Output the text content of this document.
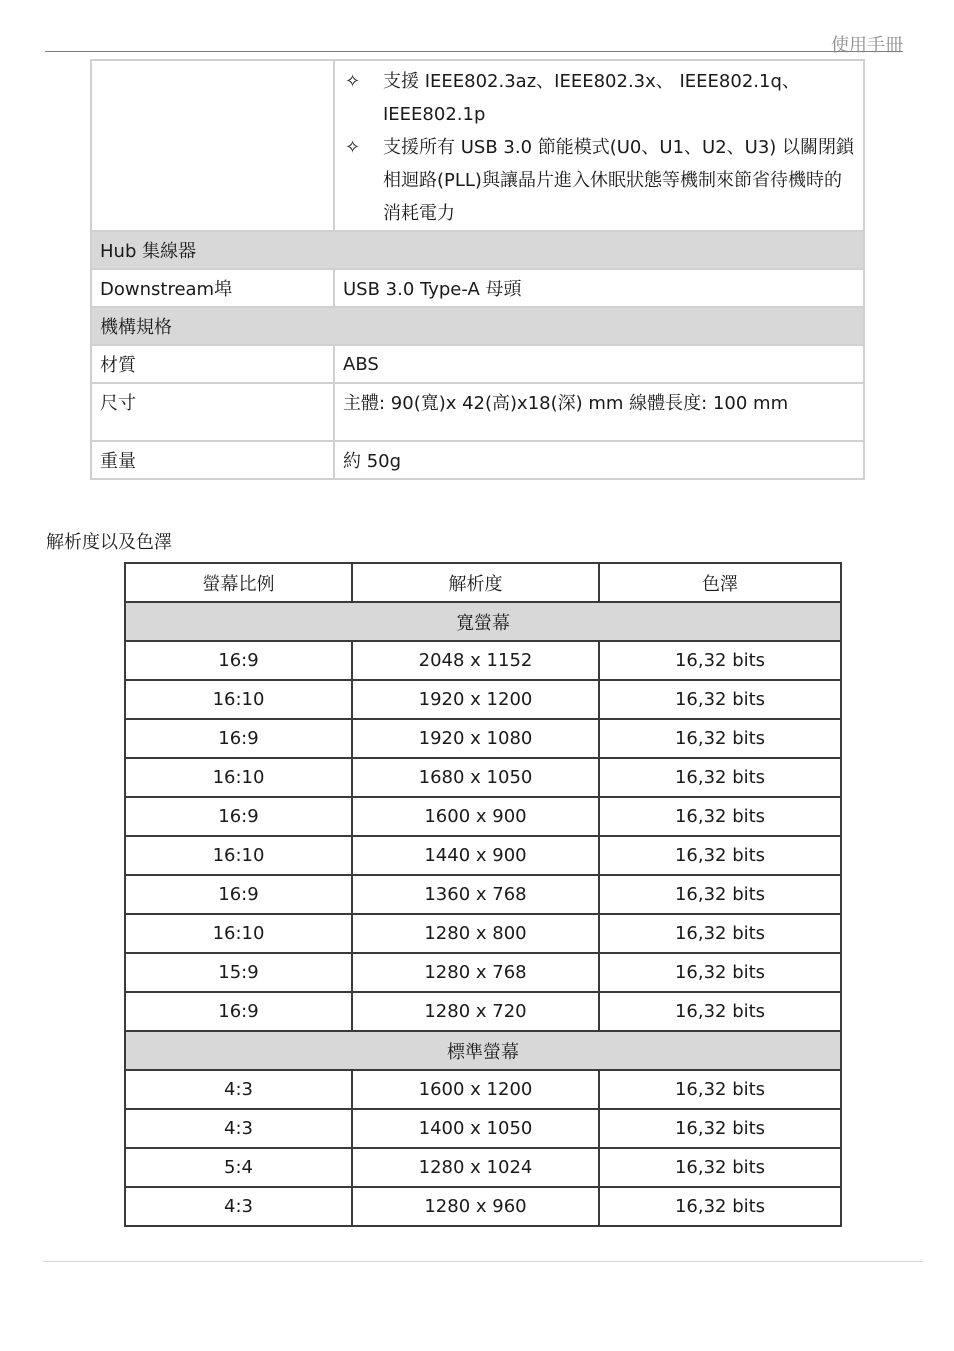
使用手冊

	✧ 支援 IEEE802.3az、IEEE802.3x、 IEEE802.1q、IEEE802.1p
✧ 支援所有 USB 3.0 節能模式(U0、U1、U2、U3) 以關閉鎖相迴路(PLL)與讓晶片進入休眠狀態等機制來節省待機時的消耗電力

Hub 集線器	
Downstream埠	USB 3.0 Type-A 母頭
機構規格	
材質	ABS
尺寸	主體: 90(寬)x 42(高)x18(深) mm 線體長度: 100 mm
重量	約 50g
解析度以及色澤
螢幕比例	解析度	色澤
寬螢幕		
16:9	2048 x 1152	16,32 bits
16:10	1920 x 1200	16,32 bits
16:9	1920 x 1080	16,32 bits
16:10	1680 x 1050	16,32 bits
16:9	1600 x 900	16,32 bits
16:10	1440 x 900	16,32 bits
16:9	1360 x 768	16,32 bits
16:10	1280 x 800	16,32 bits
15:9	1280 x 768	16,32 bits
16:9	1280 x 720	16,32 bits
標準螢幕		
4:3	1600 x 1200	16,32 bits
4:3	1400 x 1050	16,32 bits
5:4	1280 x 1024	16,32 bits
4:3	1280 x 960	16,32 bits
